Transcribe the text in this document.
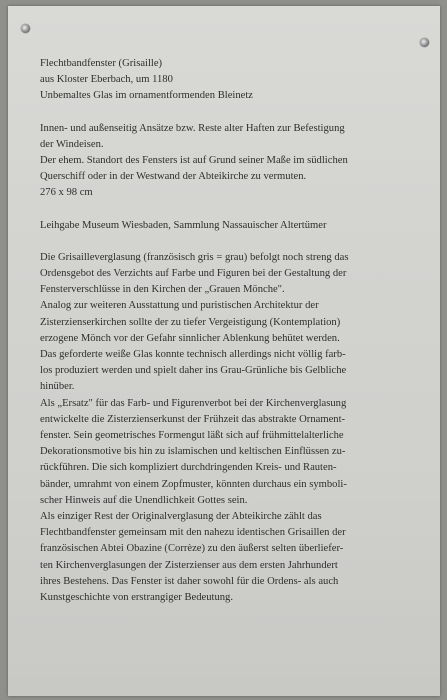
Flechtbandfenster (Grisaille)
aus Kloster Eberbach, um 1180
Unbemaltes Glas im ornamentformenden Bleinetz
Innen- und außenseitig Ansätze bzw. Reste alter Haften zur Befestigung
der Windeisen.
Der ehem. Standort des Fensters ist auf Grund seiner Maße im südlichen
Querschiff oder in der Westwand der Abteikirche zu vermuten.
276 x 98 cm
Leihgabe Museum Wiesbaden, Sammlung Nassauischer Altertümer
Die Grisailleverglasung (französisch gris = grau) befolgt noch streng das
Ordensgebot des Verzichts auf Farbe und Figuren bei der Gestaltung der
Fensterverschlüsse in den Kirchen der „Grauen Mönche".
Analog zur weiteren Ausstattung und puristischen Architektur der
Zisterzienserkirchen sollte der zu tiefer Vergeistigung (Kontemplation)
erzogene Mönch vor der Gefahr sinnlicher Ablenkung behütet werden.
Das geforderte weiße Glas konnte technisch allerdings nicht völlig farb-
los produziert werden und spielt daher ins Grau-Grünliche bis Gelbliche
hinüber.
Als „Ersatz" für das Farb- und Figurenverbot bei der Kirchenverglasung
entwickelte die Zisterzienserkunst der Frühzeit das abstrakte Ornament-
fenster. Sein geometrisches Formengut läßt sich auf frühmittelalterliche
Dekorationsmotive bis hin zu islamischen und keltischen Einflüssen zu-
rückführen. Die sich kompliziert durchdringenden Kreis- und Rauten-
bänder, umrahmt von einem Zopfmuster, könnten durchaus ein symboli-
scher Hinweis auf die Unendlichkeit Gottes sein.
Als einziger Rest der Originalverglasung der Abteikirche zählt das
Flechtbandfenster gemeinsam mit den nahezu identischen Grisaillen der
französischen Abtei Obazine (Corrèze) zu den äußerst selten überliefer-
ten Kirchenverglasungen der Zisterzienser aus dem ersten Jahrhundert
ihres Bestehens. Das Fenster ist daher sowohl für die Ordens- als auch
Kunstgeschichte von erstrangiger Bedeutung.
